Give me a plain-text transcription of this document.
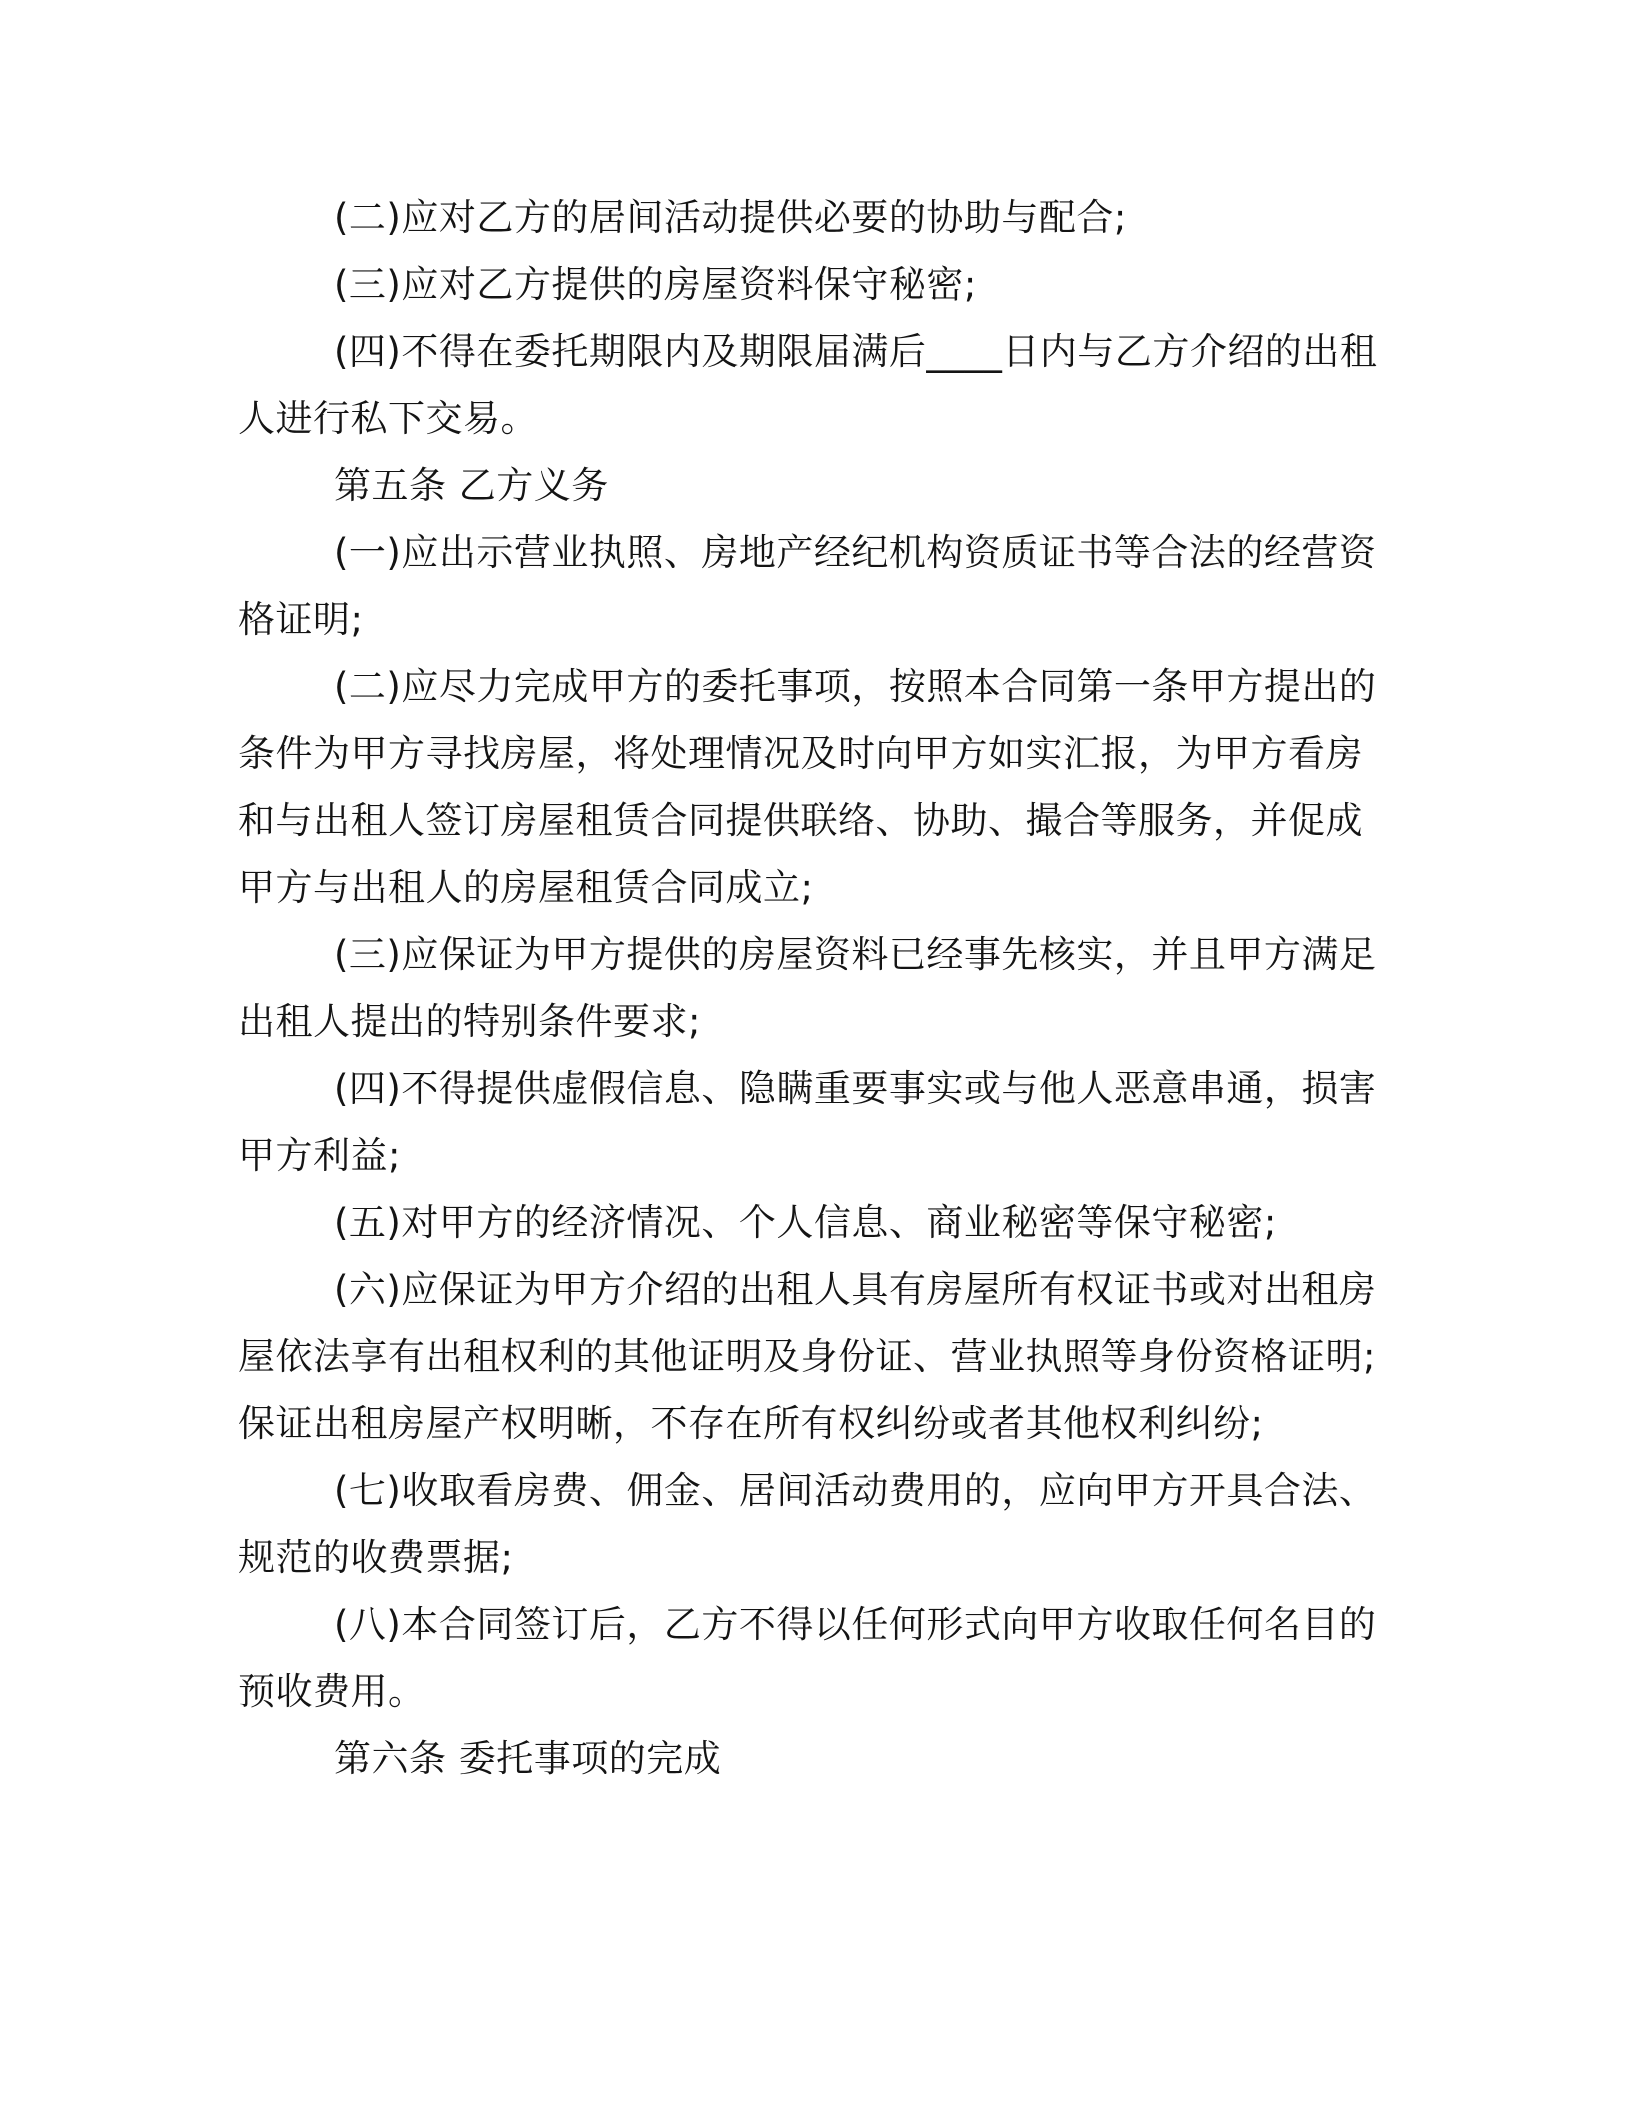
(二)应对乙方的居间活动提供必要的协助与配合;

(三)应对乙方提供的房屋资料保守秘密;

(四)不得在委托期限内及期限届满后____日内与乙方介绍的出租人进行私下交易。

第五条 乙方义务

(一)应出示营业执照、房地产经纪机构资质证书等合法的经营资格证明;

(二)应尽力完成甲方的委托事项，按照本合同第一条甲方提出的条件为甲方寻找房屋，将处理情况及时向甲方如实汇报，为甲方看房和与出租人签订房屋租赁合同提供联络、协助、撮合等服务，并促成甲方与出租人的房屋租赁合同成立;

(三)应保证为甲方提供的房屋资料已经事先核实，并且甲方满足出租人提出的特别条件要求;

(四)不得提供虚假信息、隐瞒重要事实或与他人恶意串通，损害甲方利益;

(五)对甲方的经济情况、个人信息、商业秘密等保守秘密;

(六)应保证为甲方介绍的出租人具有房屋所有权证书或对出租房屋依法享有出租权利的其他证明及身份证、营业执照等身份资格证明;保证出租房屋产权明晰，不存在所有权纠纷或者其他权利纠纷;

(七)收取看房费、佣金、居间活动费用的，应向甲方开具合法、规范的收费票据;

(八)本合同签订后，乙方不得以任何形式向甲方收取任何名目的预收费用。

第六条 委托事项的完成
